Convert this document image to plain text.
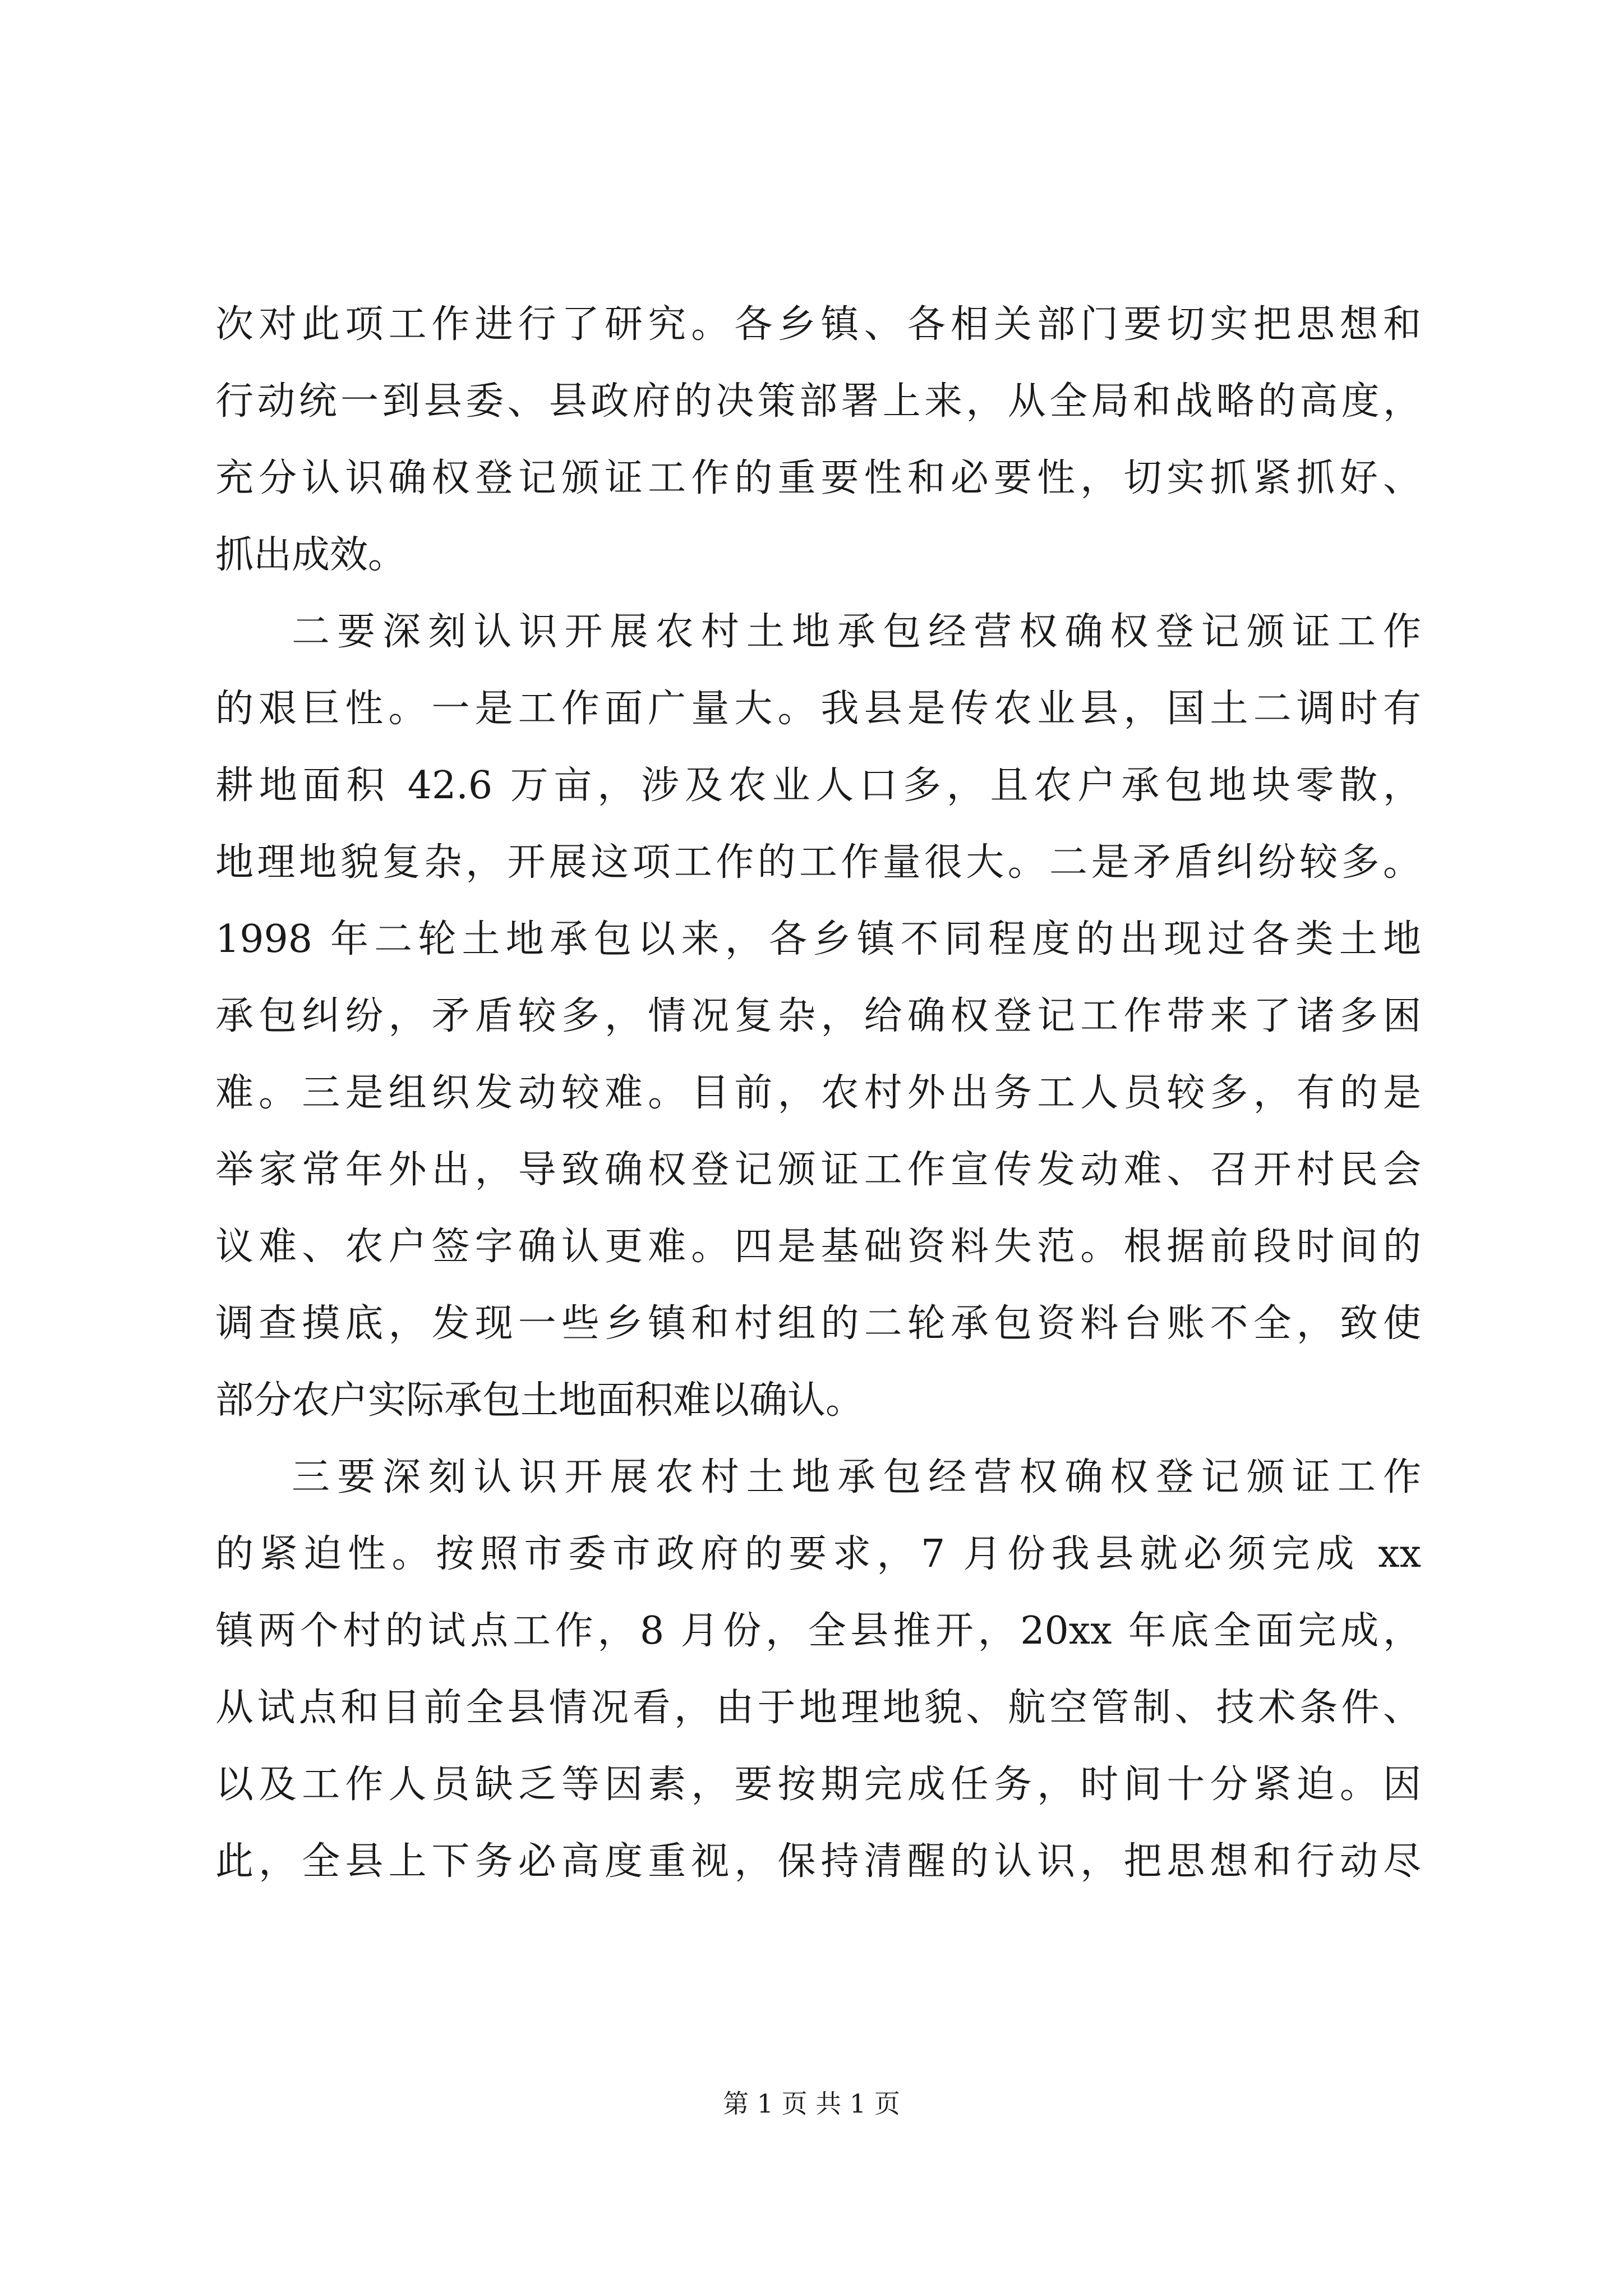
次对此项工作进行了研究。各乡镇、各相关部门要切实把思想和
行动统一到县委、县政府的决策部署上来，从全局和战略的高度，
充分认识确权登记颁证工作的重要性和必要性，切实抓紧抓好、
抓出成效。
二要深刻认识开展农村土地承包经营权确权登记颁证工作
的艰巨性。一是工作面广量大。我县是传农业县，国土二调时有
耕地面积 42.6 万亩，涉及农业人口多，且农户承包地块零散，
地理地貌复杂，开展这项工作的工作量很大。二是矛盾纠纷较多。
1998 年二轮土地承包以来，各乡镇不同程度的出现过各类土地
承包纠纷，矛盾较多，情况复杂，给确权登记工作带来了诸多困
难。三是组织发动较难。目前，农村外出务工人员较多，有的是
举家常年外出，导致确权登记颁证工作宣传发动难、召开村民会
议难、农户签字确认更难。四是基础资料失范。根据前段时间的
调查摸底，发现一些乡镇和村组的二轮承包资料台账不全，致使
部分农户实际承包土地面积难以确认。
三要深刻认识开展农村土地承包经营权确权登记颁证工作
的紧迫性。按照市委市政府的要求，7 月份我县就必须完成 xx
镇两个村的试点工作，8 月份，全县推开，20xx 年底全面完成，
从试点和目前全县情况看，由于地理地貌、航空管制、技术条件、
以及工作人员缺乏等因素，要按期完成任务，时间十分紧迫。因
此，全县上下务必高度重视，保持清醒的认识，把思想和行动尽
第 1 页 共 1 页
